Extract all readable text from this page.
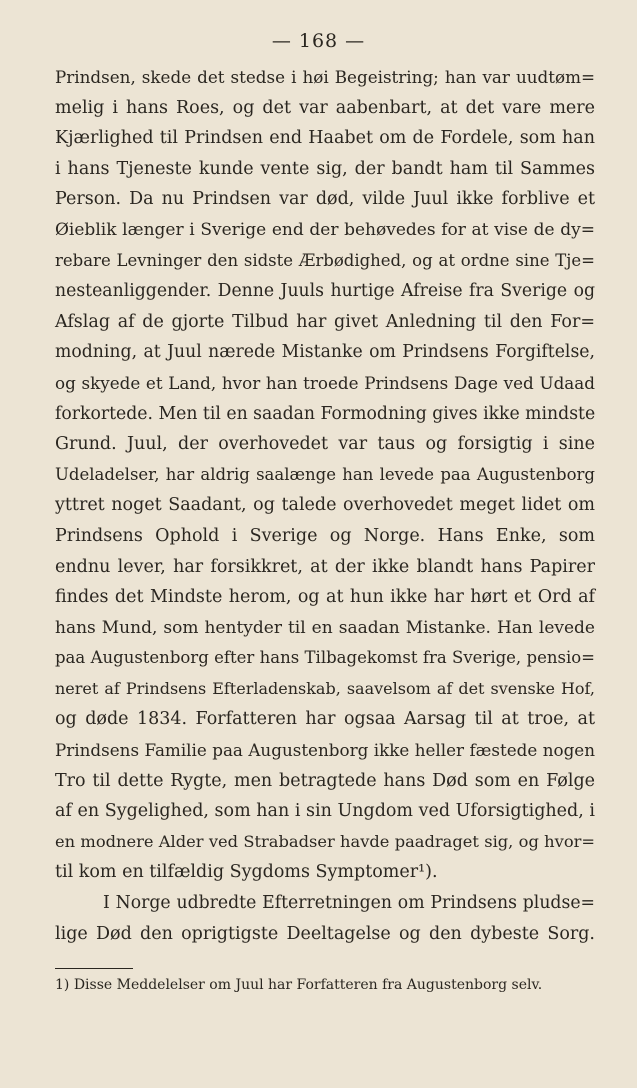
— 168 —
Prindsen, skede det stedse i høi Begeistring; han var uudtøm=
melig i hans Roes, og det var aabenbart, at det vare mere
Kjærlighed til Prindsen end Haabet om de Fordele, som han
i hans Tjeneste kunde vente sig, der bandt ham til Sammes
Person. Da nu Prindsen var død, vilde Juul ikke forblive et
Øieblik længer i Sverige end der behøvedes for at vise de dy=
rebare Levninger den sidste Ærbødighed, og at ordne sine Tje=
nesteanliggender. Denne Juuls hurtige Afreise fra Sverige og
Afslag af de gjorte Tilbud har givet Anledning til den For=
modning, at Juul nærede Mistanke om Prindsens Forgiftelse,
og skyede et Land, hvor han troede Prindsens Dage ved Udaad
forkortede. Men til en saadan Formodning gives ikke mindste
Grund. Juul, der overhovedet var taus og forsigtig i sine
Udeladelser, har aldrig saalænge han levede paa Augustenborg
yttret noget Saadant, og talede overhovedet meget lidet om
Prindsens Ophold i Sverige og Norge. Hans Enke, som
endnu lever, har forsikkret, at der ikke blandt hans Papirer
findes det Mindste herom, og at hun ikke har hørt et Ord af
hans Mund, som hentyder til en saadan Mistanke. Han levede
paa Augustenborg efter hans Tilbagekomst fra Sverige, pensio=
neret af Prindsens Efterladenskab, saavelsom af det svenske Hof,
og døde 1834. Forfatteren har ogsaa Aarsag til at troe, at
Prindsens Familie paa Augustenborg ikke heller fæstede nogen
Tro til dette Rygte, men betragtede hans Død som en Følge
af en Sygelighed, som han i sin Ungdom ved Uforsigtighed, i
en modnere Alder ved Strabadser havde paadraget sig, og hvor=
til kom en tilfældig Sygdoms Symptomer¹).
I Norge udbredte Efterretningen om Prindsens pludse=
lige Død den oprigtigste Deeltagelse og den dybeste Sorg.
1) Disse Meddelelser om Juul har Forfatteren fra Augustenborg selv.
